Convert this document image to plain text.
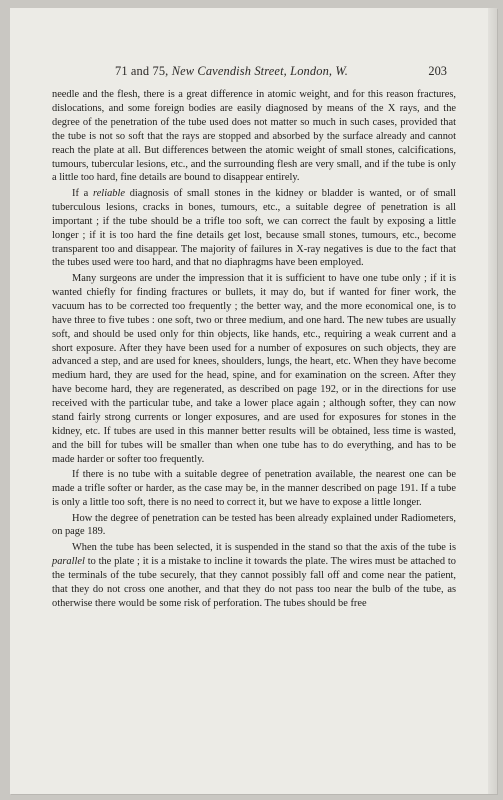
71 and 75, New Cavendish Street, London, W.	203

needle and the flesh, there is a great difference in atomic weight, and for this reason fractures, dislocations, and some foreign bodies are easily diagnosed by means of the X rays, and the degree of the penetration of the tube used does not matter so much in such cases, provided that the tube is not so soft that the rays are stopped and absorbed by the surface already and cannot reach the plate at all. But differences between the atomic weight of small stones, calcifications, tumours, tubercular lesions, etc., and the surrounding flesh are very small, and if the tube is only a little too hard, fine details are bound to disappear entirely.

If a reliable diagnosis of small stones in the kidney or bladder is wanted, or of small tuberculous lesions, cracks in bones, tumours, etc., a suitable degree of penetration is all important ; if the tube should be a trifle too soft, we can correct the fault by exposing a little longer ; if it is too hard the fine details get lost, because small stones, tumours, etc., become transparent too and disappear. The majority of failures in X-ray negatives is due to the fact that the tubes used were too hard, and that no diaphragms have been employed.

Many surgeons are under the impression that it is sufficient to have one tube only ; if it is wanted chiefly for finding fractures or bullets, it may do, but if wanted for finer work, the vacuum has to be corrected too frequently ; the better way, and the more economical one, is to have three to five tubes : one soft, two or three medium, and one hard. The new tubes are usually soft, and should be used only for thin objects, like hands, etc., requiring a weak current and a short exposure. After they have been used for a number of exposures on such objects, they are advanced a step, and are used for knees, shoulders, lungs, the heart, etc. When they have become medium hard, they are used for the head, spine, and for examination on the screen. After they have become hard, they are regenerated, as described on page 192, or in the directions for use received with the particular tube, and take a lower place again ; although softer, they can now stand fairly strong currents or longer exposures, and are used for exposures for stones in the kidney, etc. If tubes are used in this manner better results will be obtained, less time is wasted, and the bill for tubes will be smaller than when one tube has to do everything, and has to be made harder or softer too frequently.

If there is no tube with a suitable degree of penetration available, the nearest one can be made a trifle softer or harder, as the case may be, in the manner described on page 191. If a tube is only a little too soft, there is no need to correct it, but we have to expose a little longer.

How the degree of penetration can be tested has been already explained under Radiometers, on page 189.

When the tube has been selected, it is suspended in the stand so that the axis of the tube is parallel to the plate ; it is a mistake to incline it towards the plate. The wires must be attached to the terminals of the tube securely, that they cannot possibly fall off and come near the patient, that they do not cross one another, and that they do not pass too near the bulb of the tube, as otherwise there would be some risk of perforation. The tubes should be free
